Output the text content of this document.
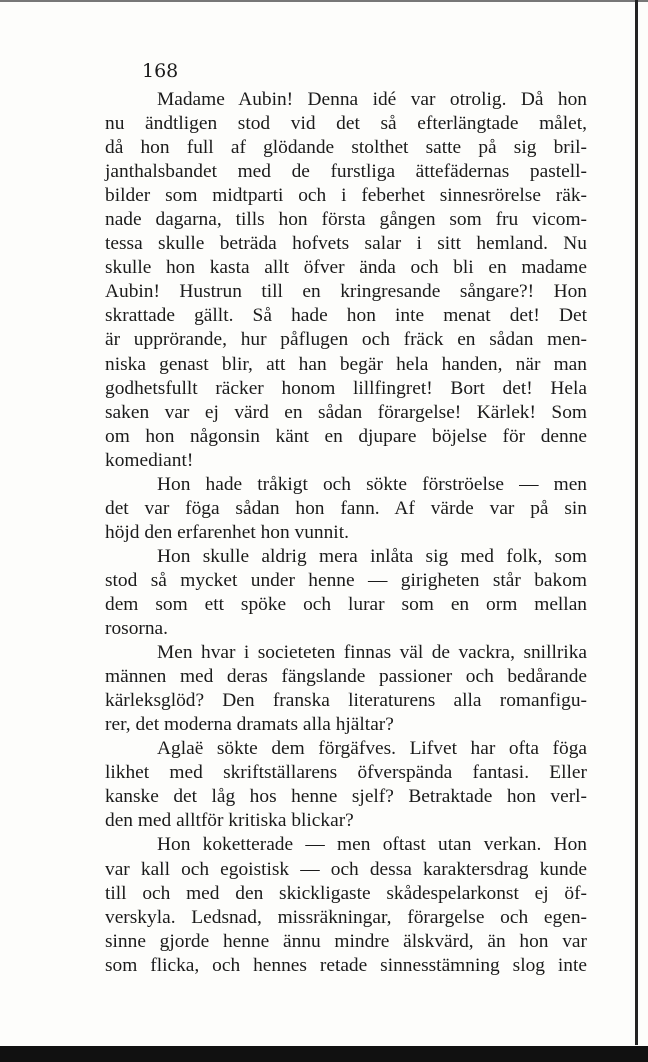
168
Madame Aubin! Denna idé var otrolig. Då hon
nu ändtligen stod vid det så efterlängtade målet,
då hon full af glödande stolthet satte på sig bril-
janthalsbandet med de furstliga ättefädernas pastell-
bilder som midtparti och i feberhet sinnesrörelse räk-
nade dagarna, tills hon första gången som fru vicom-
tessa skulle beträda hofvets salar i sitt hemland. Nu
skulle hon kasta allt öfver ända och bli en madame
Aubin! Hustrun till en kringresande sångare?! Hon
skrattade gällt. Så hade hon inte menat det! Det
är upprörande, hur påflugen och fräck en sådan men-
niska genast blir, att han begär hela handen, när man
godhetsfullt räcker honom lillfingret! Bort det! Hela
saken var ej värd en sådan förargelse! Kärlek! Som
om hon någonsin känt en djupare böjelse för denne
komediant!
Hon hade tråkigt och sökte förströelse — men
det var föga sådan hon fann. Af värde var på sin
höjd den erfarenhet hon vunnit.
Hon skulle aldrig mera inlåta sig med folk, som
stod så mycket under henne — girigheten står bakom
dem som ett spöke och lurar som en orm mellan
rosorna.
Men hvar i societeten finnas väl de vackra, snillrika
männen med deras fängslande passioner och bedårande
kärleksglöd? Den franska literaturens alla romanfigu-
rer, det moderna dramats alla hjältar?
Aglaë sökte dem förgäfves. Lifvet har ofta föga
likhet med skriftställarens öfverspända fantasi. Eller
kanske det låg hos henne sjelf? Betraktade hon verl-
den med alltför kritiska blickar?
Hon koketterade — men oftast utan verkan. Hon
var kall och egoistisk — och dessa karaktersdrag kunde
till och med den skickligaste skådespelarkonst ej öf-
verskyla. Ledsnad, missräkningar, förargelse och egen-
sinne gjorde henne ännu mindre älskvärd, än hon var
som flicka, och hennes retade sinnesstämning slog inte
